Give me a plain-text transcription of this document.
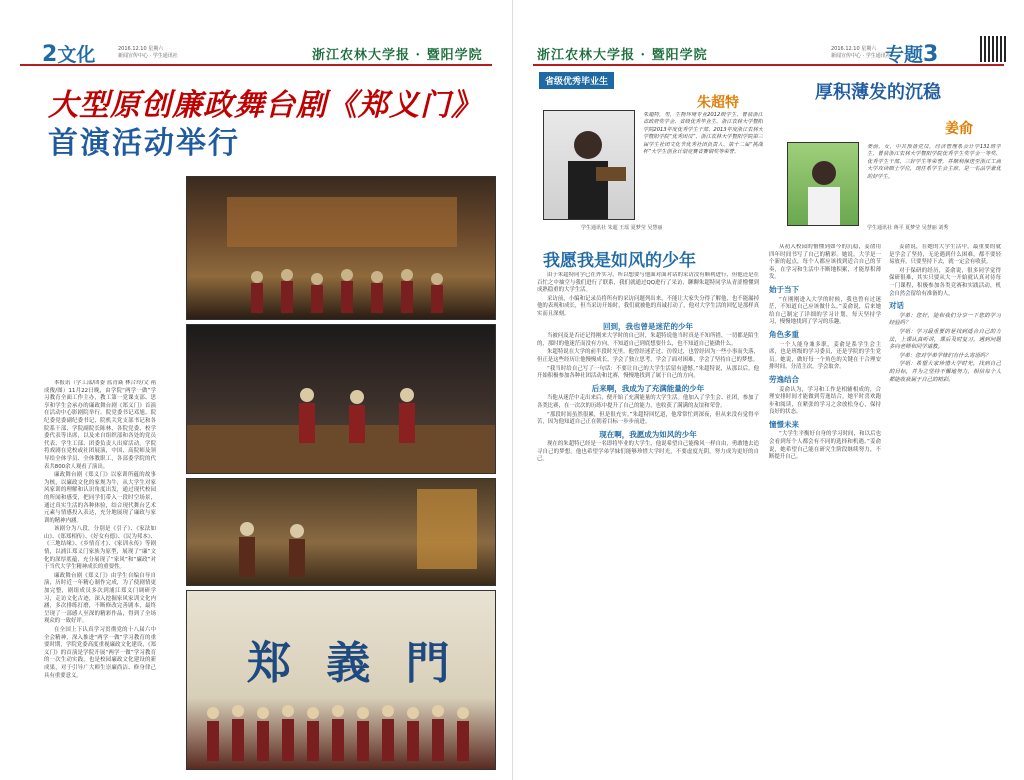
2文化	2016.12.10 星期六
新闻宣传中心 · 学生通讯社	浙江农林大学报 · 暨阳学院
大型原创廉政舞台剧《郑义门》
首演活动举行

本报讯（学工部/团委 蓝青焱 林合玲/文 褚成俊/图）11月22日晚，由学院“两学一做”学习教育全面工作主办，教工第一党课支部、思享和学生会承办的廉政舞台剧《郑义门》首演在活动中心影剧院举行。院党委书记邓旭、院纪委党委副纪委书记、院机关党支部书记和各院系干部、学院副院长陈林、各院党委、校学委代表等出席，以及来自组织部和各处的党员代表、学生工部、团委负责人出席活动。学院将戏剧在党校或社团展演，中国、高院师及领导给全体学员、全体教职工，各部委学院的代表共800余人观看了演出。

廉政舞台剧《郑义门》以家训所蕴的故事为核，以廉政文化的家规为牛，从大学生对家风家训的理解和认识角度出发，通过现代校园的所闻和感受，把同学们带入一段时空场景，通过真实生活的各种体验，结合现代舞台艺术元素与情感投入表达，充分地展现了廉政与家训的精神内涵。

该剧分为八段，分别是《引子》、《家法如山》、《郑郑相传》、《好女有德》、《民为邦本》、《三地结缘》、《乡情育才》、《家训永传》等剧情，以浦江郑义门家族为原型，展现了“廉”文化的深厚底蕴，充分展现了“家风”和“廉政”对于当代大学生精神成长的重要性。

廉政舞台剧《郑义门》由学生自编自导自演，历时近一年精心制作完成，为了使剧情更加完整，剧组成员多次到浦江郑义门调研学习，走访文化古迹，深入挖掘家风家训文化内涵，多次排练打磨，不断修改完善剧本，最终呈现了一部感人至深的精彩作品，得到了全场观众的一致好评。

在全国上下认真学习贯彻党的十八届六中全会精神，深入推进“两学一做”学习教育的重要时期，学院党委高度重视廉政文化建设，《郑义门》的首演是学院开展“两学一做”学习教育的一次生动实践，也是校园廉政文化建设的新成果，对于引导广大师生崇廉尚洁、修身律己具有重要意义。	郑 義 門
浙江农林大学报 · 暨阳学院	2016.12.10 星期六
新闻宣传中心 · 学生通讯社
专题3
省级优秀毕业生
朱超特
学生通讯社 朱超 王瑶 夏梦莹 吴慧丽
朱超特，男，生物环境专业2012级学生，曾获浙江省政府奖学金、省级优秀毕业生、浙江农林大学暨阳学院2013年度优秀学生干部、2013年度浙江农林大学暨阳学院“优秀团员”、浙江农林大学暨阳学院第三届学生社团文化节优秀社团负责人、第十二届“挑战杯”大学生创业计划竞赛省赛铜奖等荣誉。
厚积薄发的沉稳
姜俞
学生通讯社 蒋平 夏梦莹 吴慧丽 刘秀
姜俞，女，中共预备党员，经济管理系会计学131班学生，曾获浙江农林大学暨阳学院优秀学生奖学金一等奖、优秀学生干部、三好学生等荣誉，并顺利保送至浙江工商大学攻读硕士学位，现任系学生会主席，是一名品学兼优的好学生。
我愿我是如风的少年

由于朱超特同学已在外实习，所以想要与他面对面对话的采访没有顺利进行，但他还是在百忙之中抽空与我们进行了联系，我们就通过QQ进行了采访，聊聊朱超特同学从青涩懵懂到成熟稳重的大学生活。

采访前，小编和记录员将所有的采访问题列出来，不能让大家失分得了解他，也不能漏掉他的表现和成长，但当采访开始时，我们就被他的真诚打动了，他对大学生活的回忆是那样真实而且深刻。

回到，我也曾是迷茫的少年

当被问及是否还记得刚来大学时的自己时，朱超特说他当时真是不知所措，一切都是陌生的，那时的他迷茫而没有方向，不知道自己到底想要什么，也不知道自己能做什么。

朱超特说在大学的前半段时光里，他曾经迷茫过、彷徨过，也曾经因为一些小事而失落，但正是这些经历让他慢慢成长，学会了独立思考，学会了面对困难，学会了坚持自己的梦想。

“我当时给自己写了一句话：不要让自己的大学生活留有遗憾。”朱超特说，从那以后，他开始积极参加各种社团活动和比赛，慢慢地找到了属于自己的方向。

后来啊，我成为了充满能量的少年

当他从迷茫中走出来后，便开始了充满能量的大学生活。他加入了学生会、社团，参加了各类比赛，在一次次的历练中提升了自己的能力，也收获了满满的友谊和荣誉。

“那段时间虽然很累，但是很充实。”朱超特回忆道，他常常忙到深夜，但从来没有觉得辛苦，因为他知道自己正在朝着目标一步步前进。

现在啊，我愿成为如风的少年

现在的朱超特已经是一名即将毕业的大学生，他说希望自己能像风一样自由，勇敢地去追寻自己的梦想。他也希望学弟学妹们能够珍惜大学时光，不要虚度光阴，努力成为更好的自己。

从初入校园的懵懂到如今的沉稳，姜俞用四年时间书写了自己的精彩。她说，大学是一个新的起点，每个人都应该找到适合自己的节奏，在学习和生活中不断地积累，才能厚积薄发。

始于当下

“在刚刚进入大学的时候，我也曾有过迷茫，不知道自己应该做什么。”姜俞说，后来她给自己制定了详细的学习计划，每天坚持学习，慢慢地找到了学习的乐趣。

角色多重

一个人能身兼多职，姜俞是系学生会主席，也是班级的学习委员，还是学院的学生党员。她说，做好每一个角色的关键在于合理安排时间，分清主次，学会取舍。

劳逸结合

姜俞认为，学习和工作是相辅相成的，合理安排时间才能做到劳逸结合。她平时喜欢跑步和阅读，在紧张的学习之余放松身心，保持良好的状态。

憧憬未来

“大学生平衡好自身的学习时间，和以后也会看到每个人都会有不同的选择和机遇。”姜俞说，她希望自己能在研究生阶段继续努力，不断提升自己。

姜俞说，在她的大学生活中，最重要的就是学会了坚持，无论遇到什么困难，都不要轻易放弃，只要坚持下去，就一定会有收获。

对于保研的经历，姜俞说，很多同学觉得保研很难，其实只要从大一开始就认真对待每一门课程，积极参加各类竞赛和实践活动，机会自然会留给有准备的人。

对话

学弟：您好，能和我们分享一下您的学习经验吗？

学姐：学习最重要的是找到适合自己的方法，上课认真听讲，课后及时复习，遇到问题多向老师和同学请教。

学弟：您对学弟学妹们有什么寄语吗？

学姐：希望大家珍惜大学时光，找到自己的目标，并为之坚持不懈地努力，相信每个人都能收获属于自己的精彩。
